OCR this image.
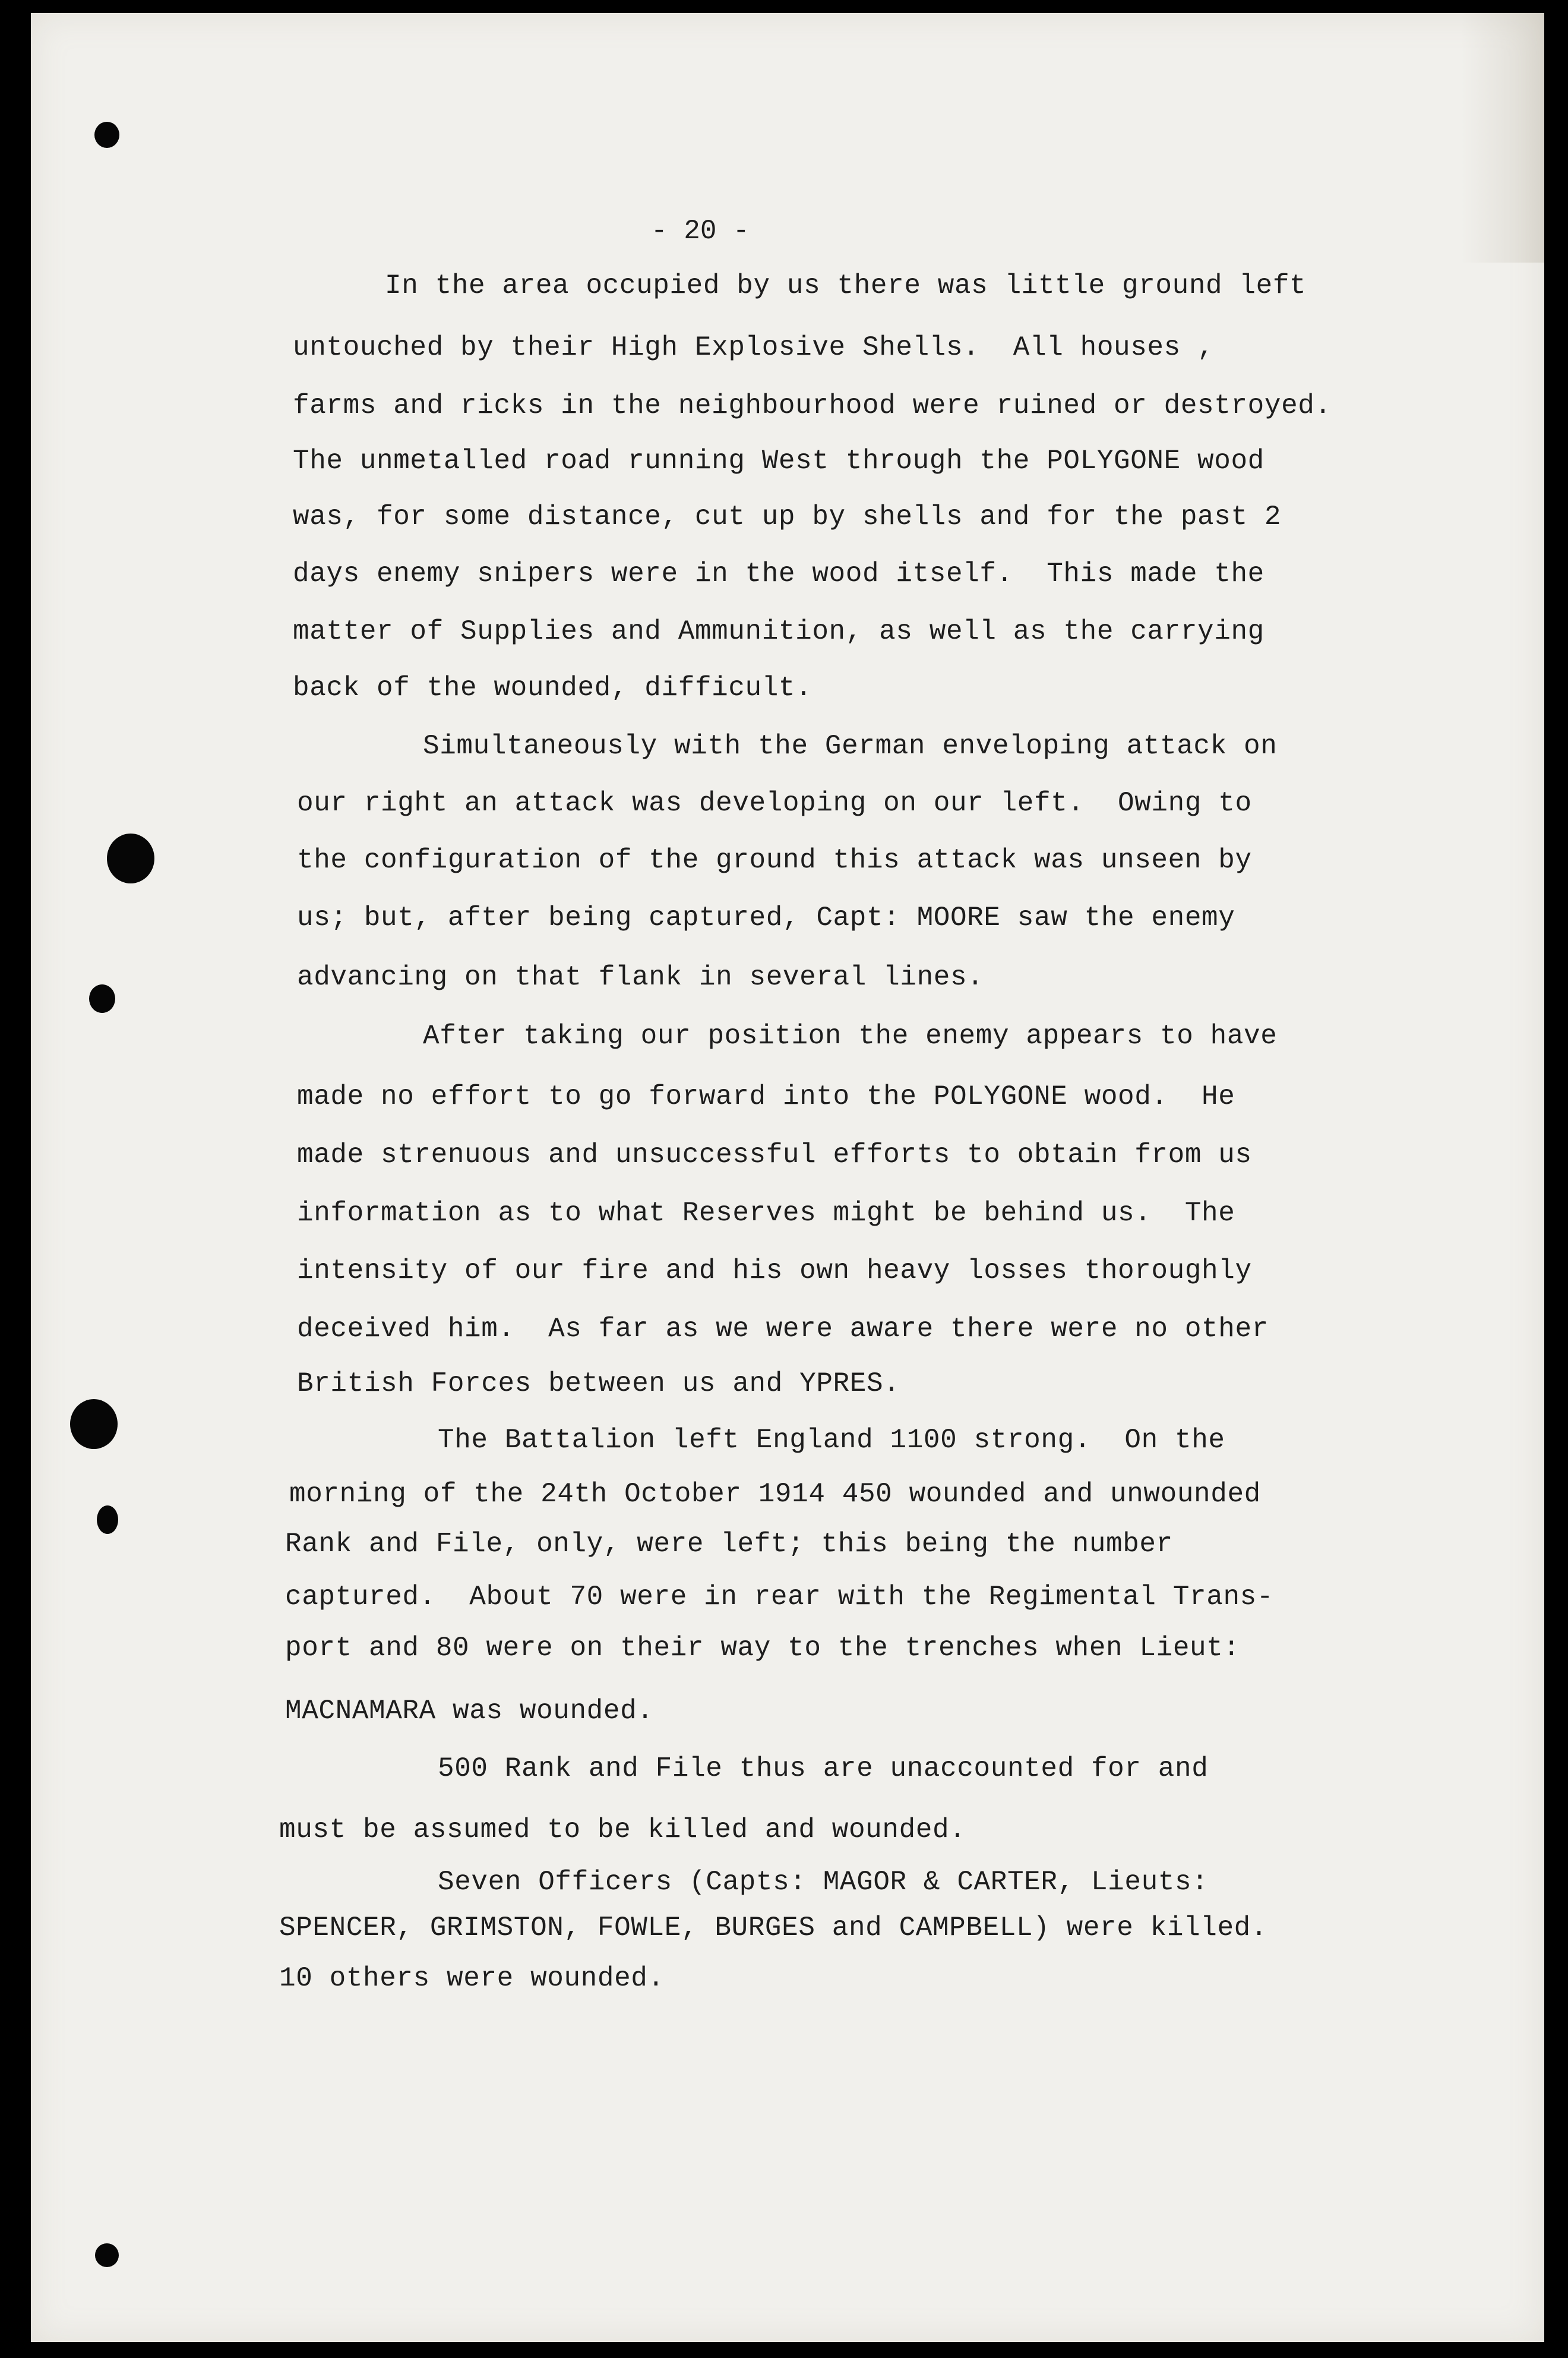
- 20 -
In the area occupied by us there was little ground left
untouched by their High Explosive Shells.  All houses ,
farms and ricks in the neighbourhood were ruined or destroyed.
The unmetalled road running West through the POLYGONE wood
was, for some distance, cut up by shells and for the past 2
days enemy snipers were in the wood itself.  This made the
matter of Supplies and Ammunition, as well as the carrying
back of the wounded, difficult.
Simultaneously with the German enveloping attack on
our right an attack was developing on our left.  Owing to
the configuration of the ground this attack was unseen by
us; but, after being captured, Capt: MOORE saw the enemy
advancing on that flank in several lines.
After taking our position the enemy appears to have
made no effort to go forward into the POLYGONE wood.  He
made strenuous and unsuccessful efforts to obtain from us
information as to what Reserves might be behind us.  The
intensity of our fire and his own heavy losses thoroughly
deceived him.  As far as we were aware there were no other
British Forces between us and YPRES.
The Battalion left England 1100 strong.  On the
morning of the 24th October 1914 450 wounded and unwounded
Rank and File, only, were left; this being the number
captured.  About 70 were in rear with the Regimental Trans-
port and 80 were on their way to the trenches when Lieut:
MACNAMARA was wounded.
500 Rank and File thus are unaccounted for and
must be assumed to be killed and wounded.
Seven Officers (Capts: MAGOR & CARTER, Lieuts:
SPENCER, GRIMSTON, FOWLE, BURGES and CAMPBELL) were killed.
10 others were wounded.
